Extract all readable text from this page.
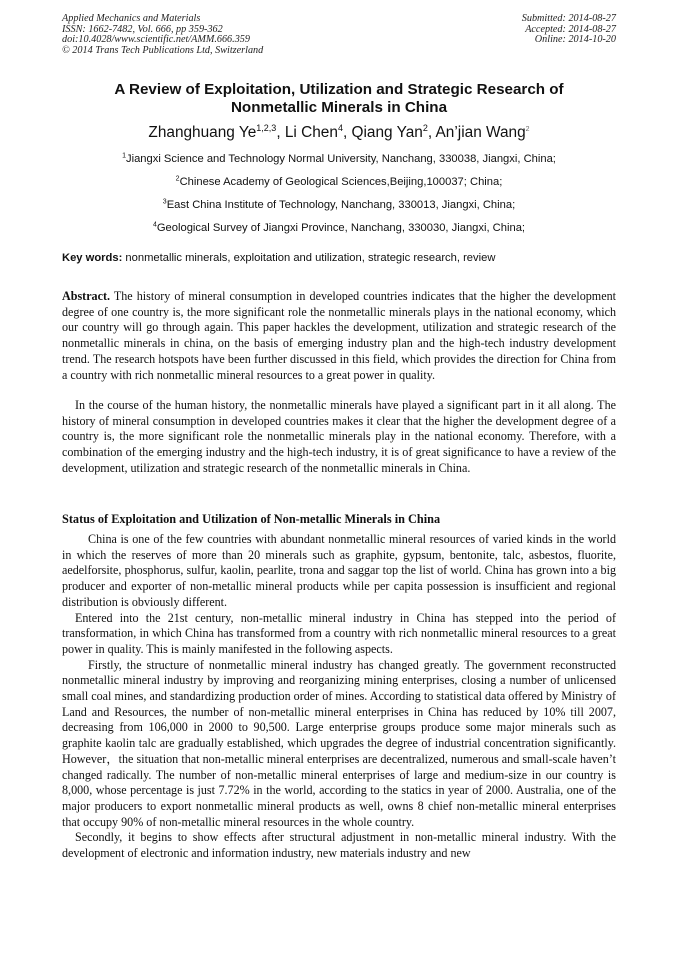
Applied Mechanics and Materials
ISSN: 1662-7482, Vol. 666, pp 359-362
doi:10.4028/www.scientific.net/AMM.666.359
© 2014 Trans Tech Publications Ltd, Switzerland
Submitted: 2014-08-27
Accepted: 2014-08-27
Online: 2014-10-20
A Review of Exploitation, Utilization and Strategic Research of Nonmetallic Minerals in China
Zhanghuang Ye$^{1,2,3}$, Li Chen$^4$, Qiang Yan$^2$, An’jian Wang$^2$
$^1$Jiangxi Science and Technology Normal University, Nanchang, 330038, Jiangxi, China;
$^2$Chinese Academy of Geological Sciences,Beijing,100037; China;
$^3$East China Institute of Technology, Nanchang, 330013, Jiangxi, China;
$^4$Geological Survey of Jiangxi Province, Nanchang, 330030, Jiangxi, China;
Key words: nonmetallic minerals, exploitation and utilization, strategic research, review

Abstract. The history of mineral consumption in developed countries indicates that the higher the development degree of one country is, the more significant role the nonmetallic minerals plays in the national economy, which our country will go through again. This paper hackles the development, utilization and strategic research of the nonmetallic minerals in china, on the basis of emerging industry plan and the high-tech industry development trend. The research hotspots have been further discussed in this field, which provides the direction for China from a country with rich nonmetallic mineral resources to a great power in quality.

In the course of the human history, the nonmetallic minerals have played a significant part in it all along. The history of mineral consumption in developed countries makes it clear that the higher the development degree of a country is, the more significant role the nonmetallic minerals play in the national economy. Therefore, with a combination of the emerging industry and the high-tech industry, it is of great significance to have a review of the development, utilization and strategic research of the nonmetallic minerals in China.

Status of Exploitation and Utilization of Non-metallic Minerals in China

China is one of the few countries with abundant nonmetallic mineral resources of varied kinds in the world in which the reserves of more than 20 minerals such as graphite, gypsum, bentonite, talc, asbestos, fluorite, aedelforsite, phosphorus, sulfur, kaolin, pearlite, trona and saggar top the list of world. China has grown into a big producer and exporter of non-metallic mineral products while per capita possession is insufficient and regional distribution is obviously different.

Entered into the 21st century, non-metallic mineral industry in China has stepped into the period of transformation, in which China has transformed from a country with rich nonmetallic mineral resources to a great power in quality. This is mainly manifested in the following aspects.

Firstly, the structure of nonmetallic mineral industry has changed greatly. The government reconstructed nonmetallic mineral industry by improving and reorganizing mining enterprises, closing a number of unlicensed small coal mines, and standardizing production order of mines. According to statistical data offered by Ministry of Land and Resources, the number of non-metallic mineral enterprises in China has reduced by 10% till 2007, decreasing from 106,000 in 2000 to 90,500. Large enterprise groups produce some major minerals such as graphite kaolin talc are gradually established, which upgrades the degree of industrial concentration significantly. However，the situation that non-metallic mineral enterprises are decentralized, numerous and small-scale haven’t changed radically. The number of non-metallic mineral enterprises of large and medium-size in our country is 8,000, whose percentage is just 7.72% in the world, according to the statics in year of 2000. Australia, one of the major producers to export nonmetallic mineral products as well, owns 8 chief non-metallic mineral enterprises that occupy 90% of non-metallic mineral resources in the whole country.

Secondly, it begins to show effects after structural adjustment in non-metallic mineral industry. With the development of electronic and information industry, new materials industry and new
